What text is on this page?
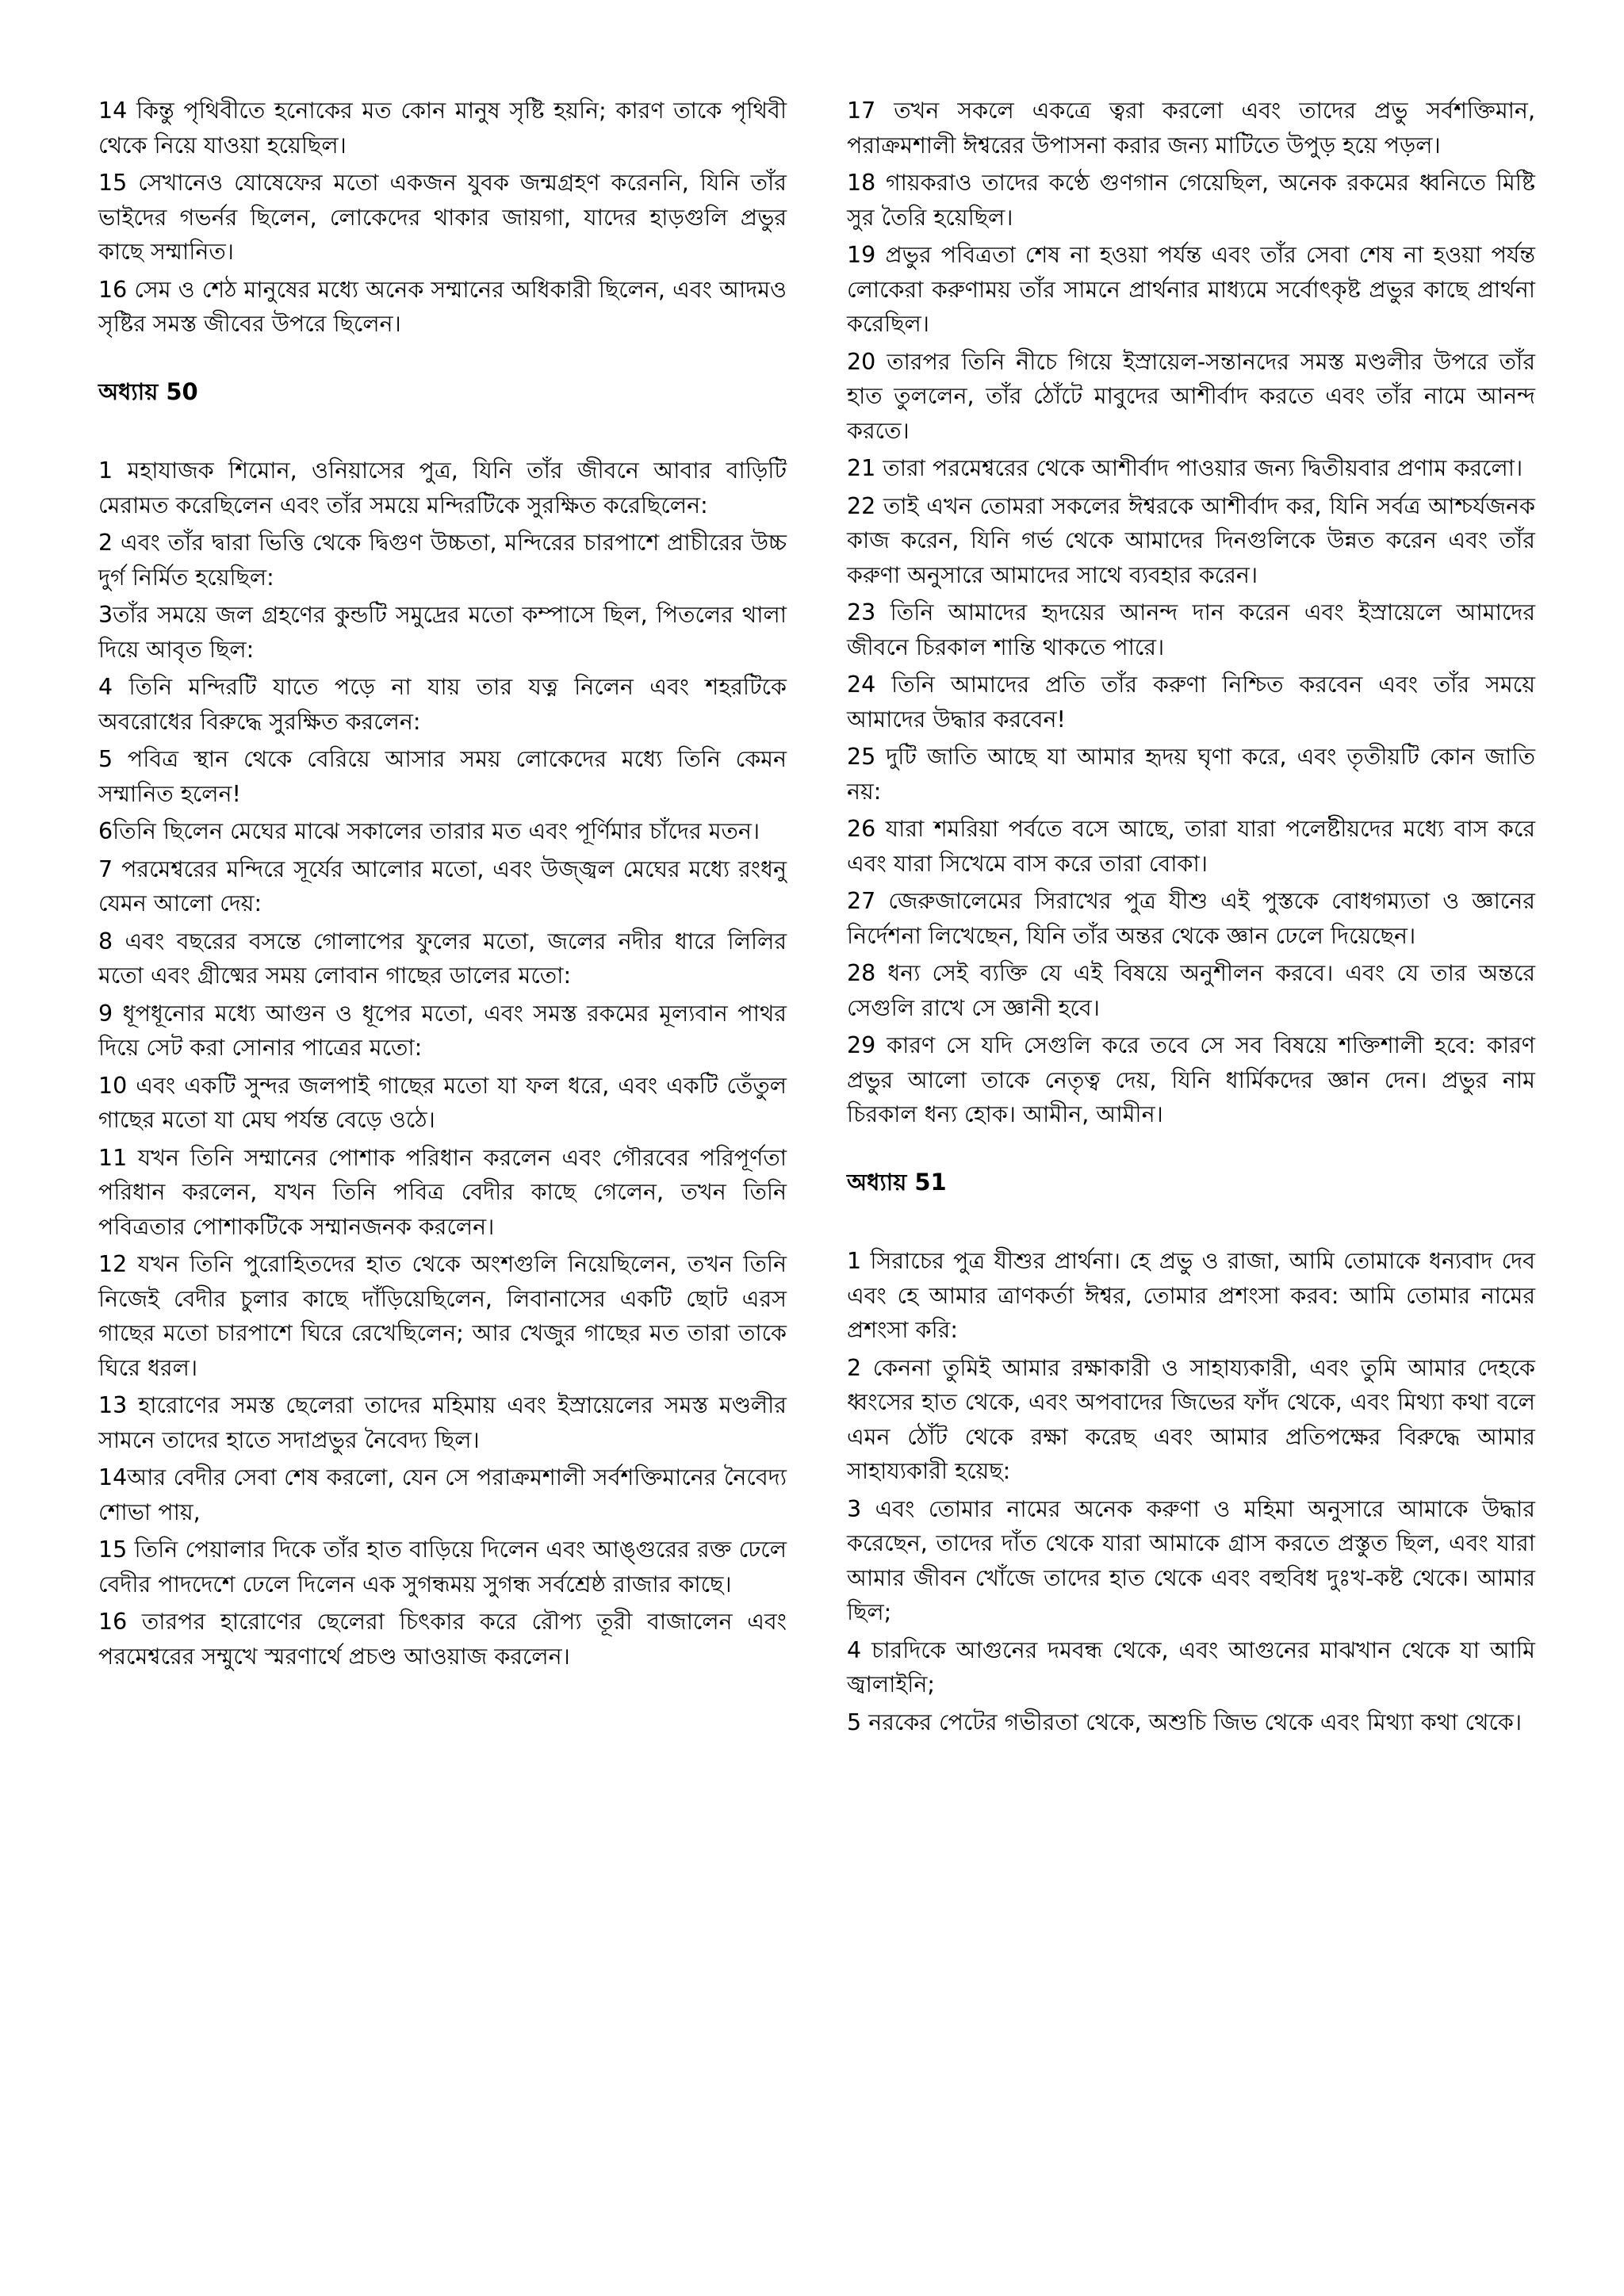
14 কিন্তু পৃথিবীতে হনোকের মত কোন মানুষ সৃষ্টি হয়নি; কারণ তাকে পৃথিবী থেকে নিয়ে যাওয়া হয়েছিল।

15 সেখানেও যোষেফের মতো একজন যুবক জন্মগ্রহণ করেননি, যিনি তাঁর ভাইদের গভর্নর ছিলেন, লোকেদের থাকার জায়গা, যাদের হাড়গুলি প্রভুর কাছে সম্মানিত।

16 সেম ও শেঠ মানুষের মধ্যে অনেক সম্মানের অধিকারী ছিলেন, এবং আদমও সৃষ্টির সমস্ত জীবের উপরে ছিলেন।

অধ্যায় 50

1 মহাযাজক শিমোন, ওনিয়াসের পুত্র, যিনি তাঁর জীবনে আবার বাড়িটি মেরামত করেছিলেন এবং তাঁর সময়ে মন্দিরটিকে সুরক্ষিত করেছিলেন:

2 এবং তাঁর দ্বারা ভিত্তি থেকে দ্বিগুণ উচ্চতা, মন্দিরের চারপাশে প্রাচীরের উচ্চ দুর্গ নির্মিত হয়েছিল:

3তাঁর সময়ে জল গ্রহণের কুন্ডটি সমুদ্রের মতো কম্পাসে ছিল, পিতলের থালা দিয়ে আবৃত ছিল:

4 তিনি মন্দিরটি যাতে পড়ে না যায় তার যত্ন নিলেন এবং শহরটিকে অবরোধের বিরুদ্ধে সুরক্ষিত করলেন:

5 পবিত্র স্থান থেকে বেরিয়ে আসার সময় লোকেদের মধ্যে তিনি কেমন সম্মানিত হলেন!

6তিনি ছিলেন মেঘের মাঝে সকালের তারার মত এবং পূর্ণিমার চাঁদের মতন।

7 পরমেশ্বরের মন্দিরে সূর্যের আলোর মতো, এবং উজ্জ্বল মেঘের মধ্যে রংধনু যেমন আলো দেয়:

8 এবং বছরের বসন্তে গোলাপের ফুলের মতো, জলের নদীর ধারে লিলির মতো এবং গ্রীষ্মের সময় লোবান গাছের ডালের মতো:

9 ধূপধূনোর মধ্যে আগুন ও ধূপের মতো, এবং সমস্ত রকমের মূল্যবান পাথর দিয়ে সেট করা সোনার পাত্রের মতো:

10 এবং একটি সুন্দর জলপাই গাছের মতো যা ফল ধরে, এবং একটি তেঁতুল গাছের মতো যা মেঘ পর্যন্ত বেড়ে ওঠে।

11 যখন তিনি সম্মানের পোশাক পরিধান করলেন এবং গৌরবের পরিপূর্ণতা পরিধান করলেন, যখন তিনি পবিত্র বেদীর কাছে গেলেন, তখন তিনি পবিত্রতার পোশাকটিকে সম্মানজনক করলেন।

12 যখন তিনি পুরোহিতদের হাত থেকে অংশগুলি নিয়েছিলেন, তখন তিনি নিজেই বেদীর চুলার কাছে দাঁড়িয়েছিলেন, লিবানাসের একটি ছোট এরস গাছের মতো চারপাশে ঘিরে রেখেছিলেন; আর খেজুর গাছের মত তারা তাকে ঘিরে ধরল।

13 হারোণের সমস্ত ছেলেরা তাদের মহিমায় এবং ইস্রায়েলের সমস্ত মণ্ডলীর সামনে তাদের হাতে সদাপ্রভুর নৈবেদ্য ছিল।

14আর বেদীর সেবা শেষ করলো, যেন সে পরাক্রমশালী সর্বশক্তিমানের নৈবেদ্য শোভা পায়,

15 তিনি পেয়ালার দিকে তাঁর হাত বাড়িয়ে দিলেন এবং আঙ্গুরের রক্ত ঢেলে বেদীর পাদদেশে ঢেলে দিলেন এক সুগন্ধময় সুগন্ধ সর্বশ্রেষ্ঠ রাজার কাছে।

16 তারপর হারোণের ছেলেরা চিৎকার করে রৌপ্য তূরী বাজালেন এবং পরমেশ্বরের সম্মুখে স্মরণার্থে প্রচণ্ড আওয়াজ করলেন।

17 তখন সকলে একত্রে ত্বরা করলো এবং তাদের প্রভু সর্বশক্তিমান, পরাক্রমশালী ঈশ্বরের উপাসনা করার জন্য মাটিতে উপুড় হয়ে পড়ল।

18 গায়করাও তাদের কণ্ঠে গুণগান গেয়েছিল, অনেক রকমের ধ্বনিতে মিষ্টি সুর তৈরি হয়েছিল।

19 প্রভুর পবিত্রতা শেষ না হওয়া পর্যন্ত এবং তাঁর সেবা শেষ না হওয়া পর্যন্ত লোকেরা করুণাময় তাঁর সামনে প্রার্থনার মাধ্যমে সর্বোৎকৃষ্ট প্রভুর কাছে প্রার্থনা করেছিল।

20 তারপর তিনি নীচে গিয়ে ইস্রায়েল-সন্তানদের সমস্ত মণ্ডলীর উপরে তাঁর হাত তুললেন, তাঁর ঠোঁটে মাবুদের আশীর্বাদ করতে এবং তাঁর নামে আনন্দ করতে।

21 তারা পরমেশ্বরের থেকে আশীর্বাদ পাওয়ার জন্য দ্বিতীয়বার প্রণাম করলো।

22 তাই এখন তোমরা সকলের ঈশ্বরকে আশীর্বাদ কর, যিনি সর্বত্র আশ্চর্যজনক কাজ করেন, যিনি গর্ভ থেকে আমাদের দিনগুলিকে উন্নত করেন এবং তাঁর করুণা অনুসারে আমাদের সাথে ব্যবহার করেন।

23 তিনি আমাদের হৃদয়ের আনন্দ দান করেন এবং ইস্রায়েলে আমাদের জীবনে চিরকাল শান্তি থাকতে পারে।

24 তিনি আমাদের প্রতি তাঁর করুণা নিশ্চিত করবেন এবং তাঁর সময়ে আমাদের উদ্ধার করবেন!

25 দুটি জাতি আছে যা আমার হৃদয় ঘৃণা করে, এবং তৃতীয়টি কোন জাতি নয়:

26 যারা শমরিয়া পর্বতে বসে আছে, তারা যারা পলেষ্টীয়দের মধ্যে বাস করে এবং যারা সিখেমে বাস করে তারা বোকা।

27 জেরুজালেমের সিরাখের পুত্র যীশু এই পুস্তকে বোধগম্যতা ও জ্ঞানের নির্দেশনা লিখেছেন, যিনি তাঁর অন্তর থেকে জ্ঞান ঢেলে দিয়েছেন।

28 ধন্য সেই ব্যক্তি যে এই বিষয়ে অনুশীলন করবে। এবং যে তার অন্তরে সেগুলি রাখে সে জ্ঞানী হবে।

29 কারণ সে যদি সেগুলি করে তবে সে সব বিষয়ে শক্তিশালী হবে: কারণ প্রভুর আলো তাকে নেতৃত্ব দেয়, যিনি ধার্মিকদের জ্ঞান দেন। প্রভুর নাম চিরকাল ধন্য হোক। আমীন, আমীন।

অধ্যায় 51

1 সিরাচের পুত্র যীশুর প্রার্থনা। হে প্রভু ও রাজা, আমি তোমাকে ধন্যবাদ দেব এবং হে আমার ত্রাণকর্তা ঈশ্বর, তোমার প্রশংসা করব: আমি তোমার নামের প্রশংসা করি:

2 কেননা তুমিই আমার রক্ষাকারী ও সাহায্যকারী, এবং তুমি আমার দেহকে ধ্বংসের হাত থেকে, এবং অপবাদের জিভের ফাঁদ থেকে, এবং মিথ্যা কথা বলে এমন ঠোঁট থেকে রক্ষা করেছ এবং আমার প্রতিপক্ষের বিরুদ্ধে আমার সাহায্যকারী হয়েছ:

3 এবং তোমার নামের অনেক করুণা ও মহিমা অনুসারে আমাকে উদ্ধার করেছেন, তাদের দাঁত থেকে যারা আমাকে গ্রাস করতে প্রস্তুত ছিল, এবং যারা আমার জীবন খোঁজে তাদের হাত থেকে এবং বহুবিধ দুঃখ-কষ্ট থেকে। আমার ছিল;

4 চারদিকে আগুনের দমবন্ধ থেকে, এবং আগুনের মাঝখান থেকে যা আমি জ্বালাইনি;

5 নরকের পেটের গভীরতা থেকে, অশুচি জিভ থেকে এবং মিথ্যা কথা থেকে।
